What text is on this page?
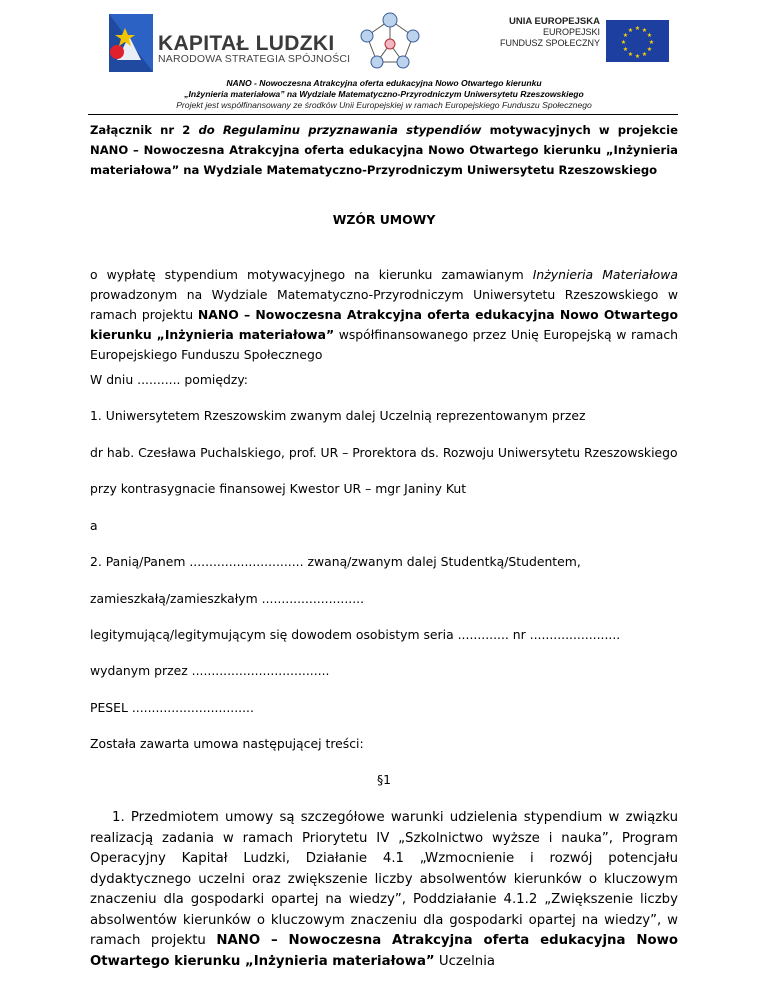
KAPITAŁ LUDZKI
NARODOWA STRATEGIA SPÓJNOŚCI
UNIA EUROPEJSKA
EUROPEJSKI
FUNDUSZ SPOŁECZNY
★ ★
★
★
★
★
★
★
★
★
★
★
NANO - Nowoczesna Atrakcyjna oferta edukacyjna Nowo Otwartego kierunku
„Inżynieria materiałowa” na Wydziale Matematyczno-Przyrodniczym Uniwersytetu Rzeszowskiego
Projekt jest współfinansowany ze środków Unii Europejskiej w ramach Europejskiego Funduszu Społecznego
Załącznik nr 2 do Regulaminu przyznawania stypendiów motywacyjnych w projekcie NANO – Nowoczesna Atrakcyjna oferta edukacyjna Nowo Otwartego kierunku „Inżynieria materiałowa” na Wydziale Matematyczno-Przyrodniczym Uniwersytetu Rzeszowskiego
WZÓR UMOWY
o wypłatę stypendium motywacyjnego na kierunku zamawianym Inżynieria Materiałowa prowadzonym na Wydziale Matematyczno-Przyrodniczym Uniwersytetu Rzeszowskiego w ramach projektu NANO – Nowoczesna Atrakcyjna oferta edukacyjna Nowo Otwartego kierunku „Inżynieria materiałowa” współfinansowanego przez Unię Europejską w ramach Europejskiego Funduszu Społecznego
W dniu ........... pomiędzy:
1. Uniwersytetem Rzeszowskim zwanym dalej Uczelnią reprezentowanym przez
dr hab. Czesława Puchalskiego, prof. UR – Prorektora ds. Rozwoju Uniwersytetu Rzeszowskiego
przy kontrasygnacie finansowej Kwestor UR – mgr Janiny Kut
a
2. Panią/Panem ............................. zwaną/zwanym dalej Studentką/Studentem,
zamieszkałą/zamieszkałym ..........................
legitymującą/legitymującym się dowodem osobistym seria ............. nr .......................
wydanym przez ...................................
PESEL ...............................
Została zawarta umowa następującej treści:
§1
1. Przedmiotem umowy są szczegółowe warunki udzielenia stypendium w związku realizacją zadania w ramach Priorytetu IV „Szkolnictwo wyższe i nauka”, Program Operacyjny Kapitał Ludzki, Działanie 4.1 „Wzmocnienie i rozwój potencjału dydaktycznego uczelni oraz zwiększenie liczby absolwentów kierunków o kluczowym znaczeniu dla gospodarki opartej na wiedzy”, Poddziałanie 4.1.2 „Zwiększenie liczby absolwentów kierunków o kluczowym znaczeniu dla gospodarki opartej na wiedzy”, w ramach projektu NANO – Nowoczesna Atrakcyjna oferta edukacyjna Nowo Otwartego kierunku „Inżynieria materiałowa” Uczelnia
